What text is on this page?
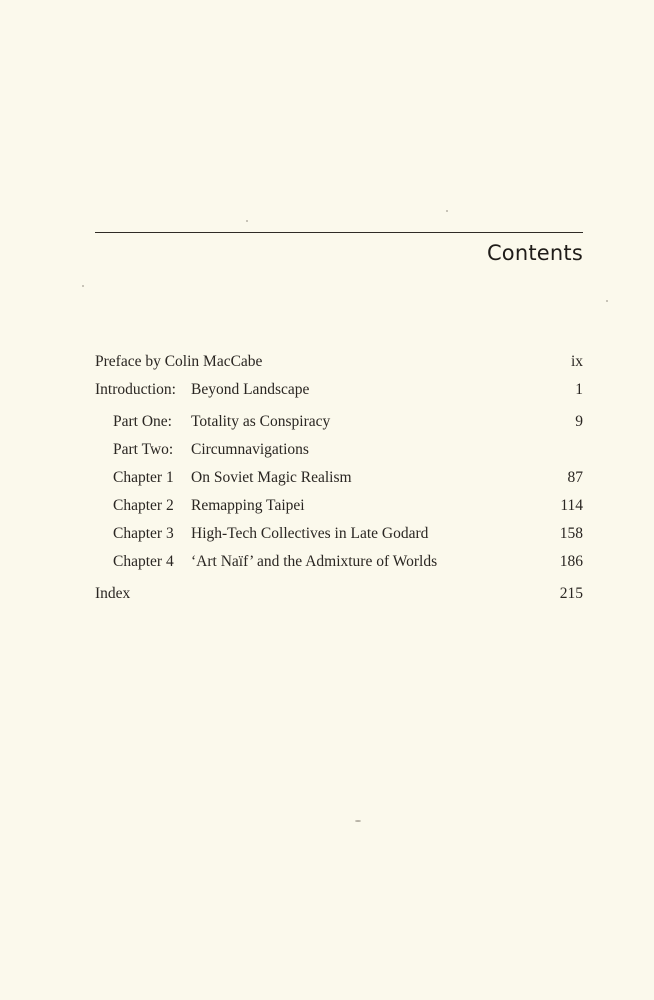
Contents
Preface by Colin MacCabe	ix
Introduction: Beyond Landscape	1
Part One: Totality as Conspiracy	9
Part Two: Circumnavigations
Chapter 1 On Soviet Magic Realism	87
Chapter 2 Remapping Taipei	114
Chapter 3 High-Tech Collectives in Late Godard	158
Chapter 4 ‘Art Naïf’ and the Admixture of Worlds	186
Index	215
